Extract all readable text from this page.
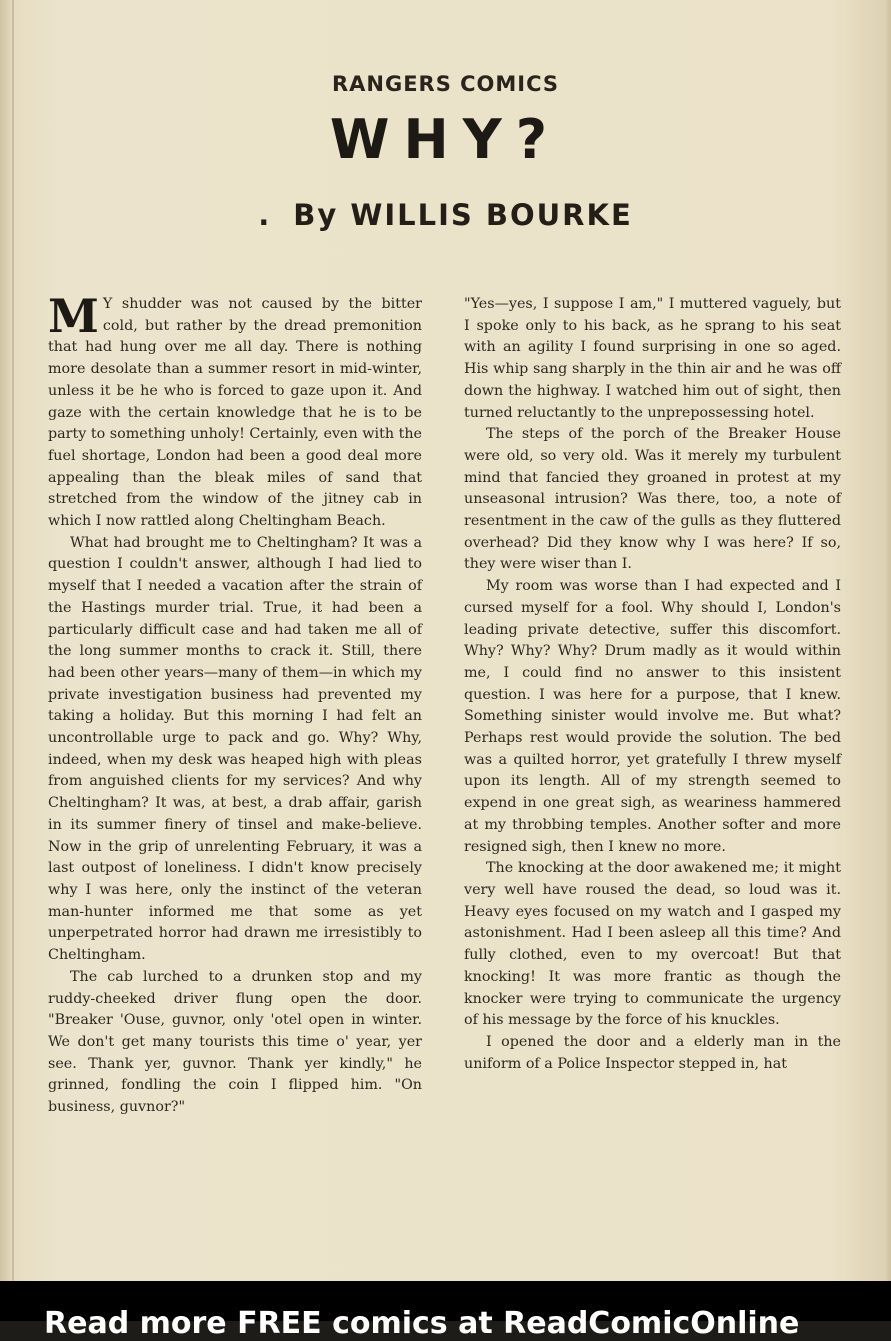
RANGERS COMICS
WHY?
. By WILLIS BOURKE

M Y shudder was not caused by the bitter cold, but rather by the dread premonition that had hung over me all day. There is nothing more desolate than a summer resort in mid-winter, unless it be he who is forced to gaze upon it. And gaze with the certain knowledge that he is to be party to something unholy! Certainly, even with the fuel shortage, London had been a good deal more appealing than the bleak miles of sand that stretched from the window of the jitney cab in which I now rattled along Cheltingham Beach.

What had brought me to Cheltingham? It was a question I couldn't answer, although I had lied to myself that I needed a vacation after the strain of the Hastings murder trial. True, it had been a particularly difficult case and had taken me all of the long summer months to crack it. Still, there had been other years—many of them—in which my private investigation business had prevented my taking a holiday. But this morning I had felt an uncontrollable urge to pack and go. Why? Why, indeed, when my desk was heaped high with pleas from anguished clients for my services? And why Cheltingham? It was, at best, a drab affair, garish in its summer finery of tinsel and make-believe. Now in the grip of unrelenting February, it was a last outpost of loneliness. I didn't know precisely why I was here, only the instinct of the veteran man-hunter informed me that some as yet unperpetrated horror had drawn me irresistibly to Cheltingham.

The cab lurched to a drunken stop and my ruddy-cheeked driver flung open the door. "Breaker 'Ouse, guvnor, only 'otel open in winter. We don't get many tourists this time o' year, yer see. Thank yer, guvnor. Thank yer kindly," he grinned, fondling the coin I flipped him. "On business, guvnor?"

"Yes—yes, I suppose I am," I muttered vaguely, but I spoke only to his back, as he sprang to his seat with an agility I found surprising in one so aged. His whip sang sharply in the thin air and he was off down the highway. I watched him out of sight, then turned reluctantly to the unprepossessing hotel.

The steps of the porch of the Breaker House were old, so very old. Was it merely my turbulent mind that fancied they groaned in protest at my unseasonal intrusion? Was there, too, a note of resentment in the caw of the gulls as they fluttered overhead? Did they know why I was here? If so, they were wiser than I.

My room was worse than I had expected and I cursed myself for a fool. Why should I, London's leading private detective, suffer this discomfort. Why? Why? Why? Drum madly as it would within me, I could find no answer to this insistent question. I was here for a purpose, that I knew. Something sinister would involve me. But what? Perhaps rest would provide the solution. The bed was a quilted horror, yet gratefully I threw myself upon its length. All of my strength seemed to expend in one great sigh, as weariness hammered at my throbbing temples. Another softer and more resigned sigh, then I knew no more.

The knocking at the door awakened me; it might very well have roused the dead, so loud was it. Heavy eyes focused on my watch and I gasped my astonishment. Had I been asleep all this time? And fully clothed, even to my overcoat! But that knocking! It was more frantic as though the knocker were trying to communicate the urgency of his message by the force of his knuckles.

I opened the door and a elderly man in the uniform of a Police Inspector stepped in, hat

Read more FREE comics at ReadComicOnline
